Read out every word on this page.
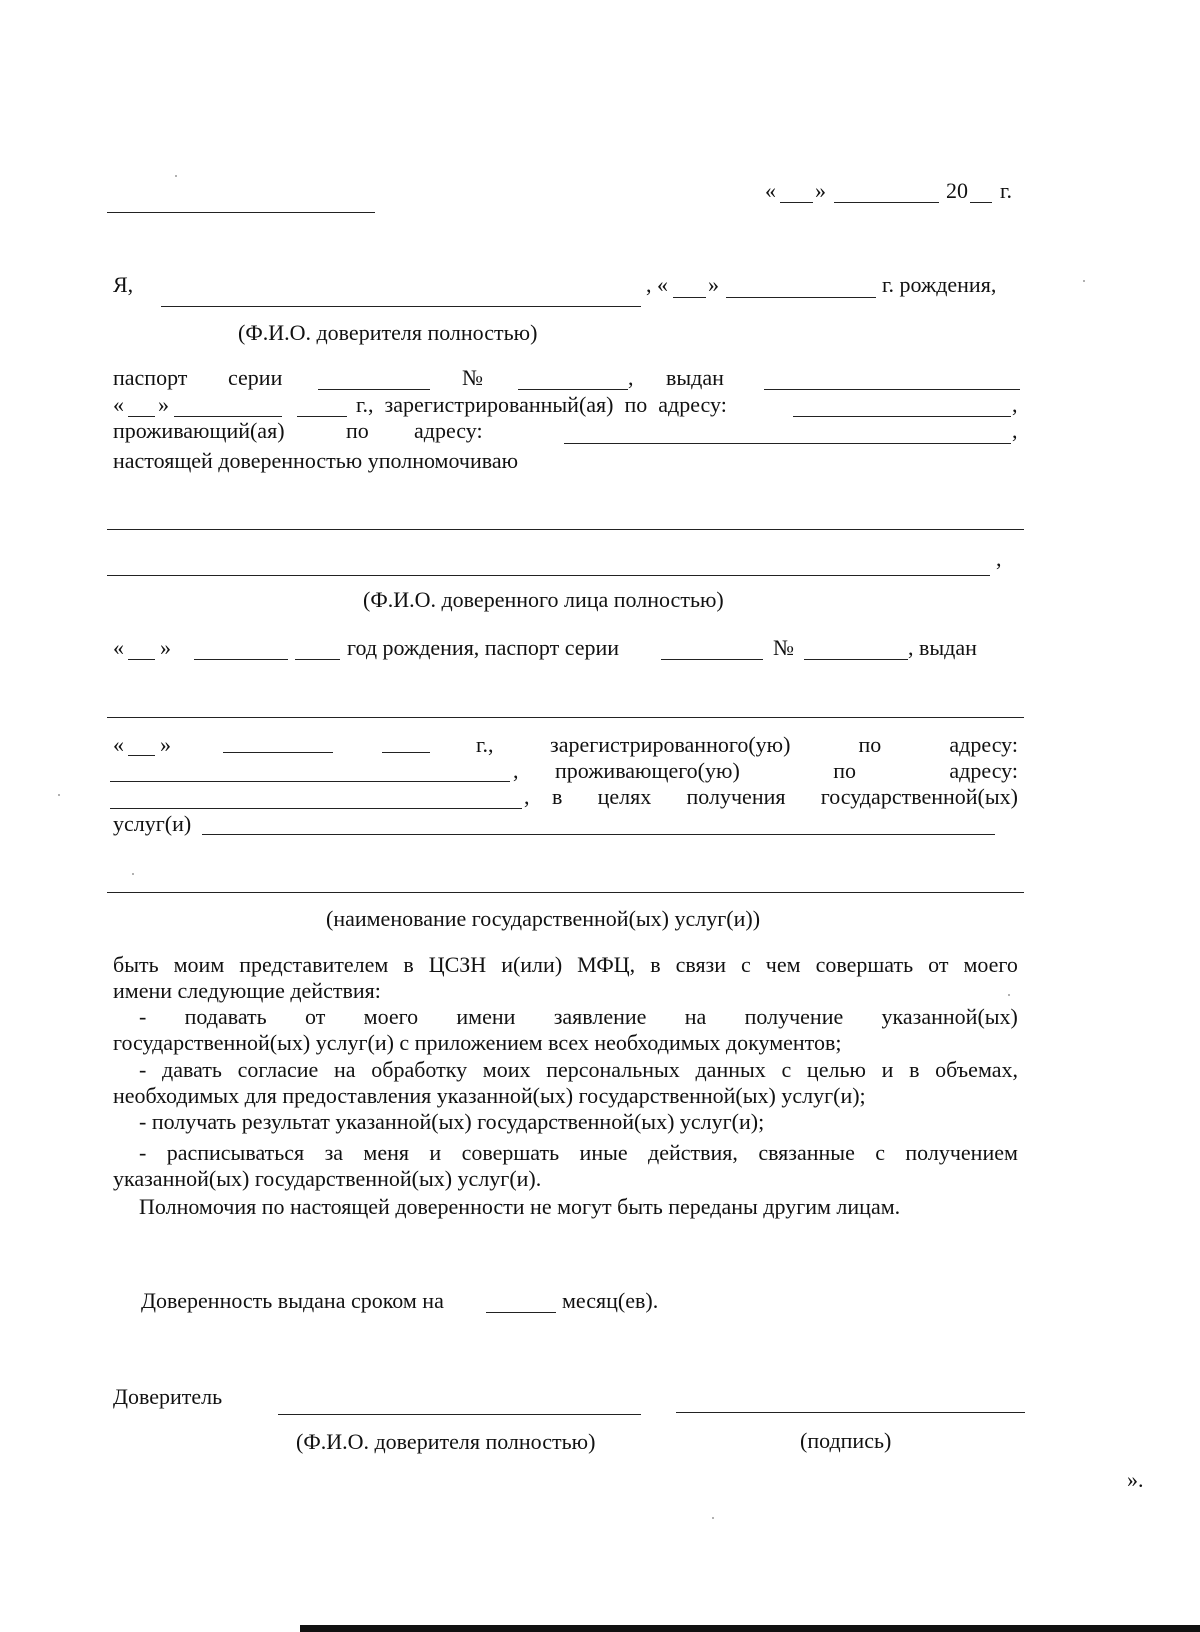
« »	20 г.
Я,	, « »	г. рождения,
(Ф.И.О. доверителя полностью)
паспорт серии	№	, выдан
« »	г.,  зарегистрированный(ая)  по  адресу:	,
проживающий(ая)	по адресу:	,
настоящей доверенностью уполномочиваю
,
(Ф.И.О. доверенного лица полностью)
« »	год рождения, паспорт серии	№	, выдан
« »	г.,	зарегистрированного(ую)	по	адресу:
, проживающего(ую)	по	адресу:
, в целях получения государственной(ых)
услуг(и)
(наименование государственной(ых) услуг(и))
быть моим представителем в ЦСЗН и(или) МФЦ, в связи с чем совершать от моего
имени следующие действия:
- подавать от моего имени заявление на получение указанной(ых)
государственной(ых) услуг(и) с приложением всех необходимых документов;
- давать согласие на обработку моих персональных данных с целью и в объемах,
необходимых для предоставления указанной(ых) государственной(ых) услуг(и);
- получать результат указанной(ых) государственной(ых) услуг(и);
- расписываться за меня и совершать иные действия, связанные с получением
указанной(ых) государственной(ых) услуг(и).
Полномочия по настоящей доверенности не могут быть переданы другим лицам.
Доверенность выдана сроком на	месяц(ев).
Доверитель
(Ф.И.О. доверителя полностью)	(подпись)
».
